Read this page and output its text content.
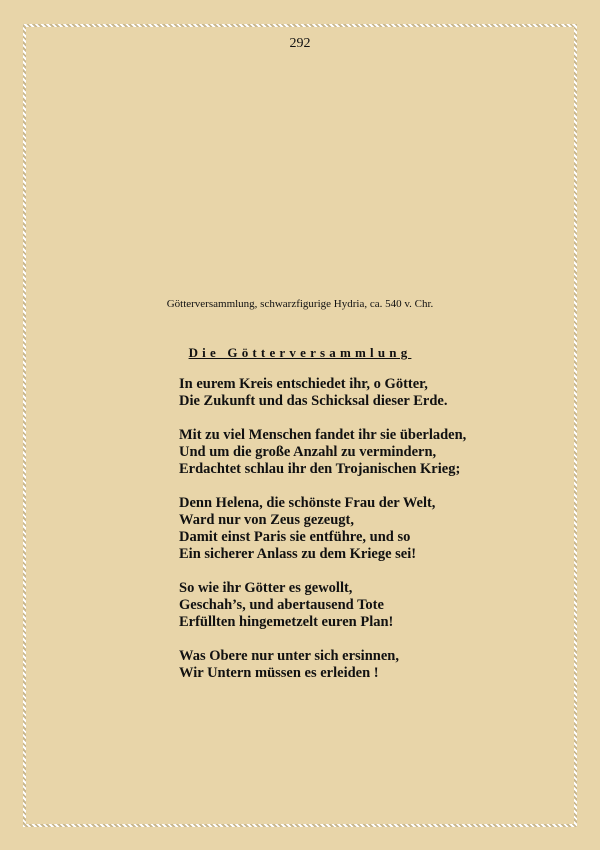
292
Götterversammlung, schwarzfigurige Hydria, ca. 540 v. Chr.
Die Götterversammlung
In eurem Kreis entschiedet ihr, o Götter,
Die Zukunft und das Schicksal dieser Erde.
Mit zu viel Menschen fandet ihr sie überladen,
Und um die große Anzahl zu vermindern,
Erdachtet schlau ihr den Trojanischen Krieg;
Denn Helena, die schönste Frau der Welt,
Ward nur von Zeus gezeugt,
Damit einst Paris sie entführe, und so
Ein sicherer Anlass zu dem Kriege sei!
So wie ihr Götter es gewollt,
Geschah’s, und abertausend Tote
Erfüllten hingemetzelt euren Plan!
Was Obere nur unter sich ersinnen,
Wir Untern müssen es erleiden !
